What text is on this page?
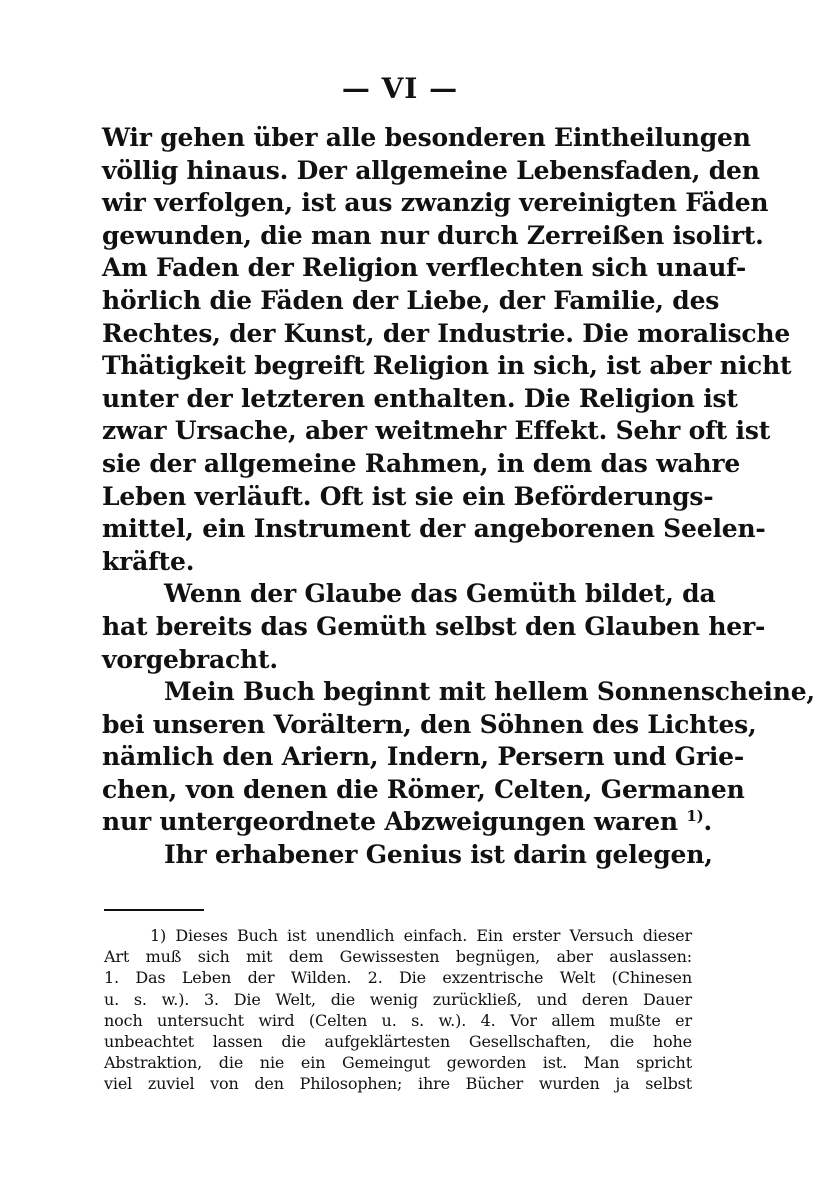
— VI —
Wir gehen über alle besonderen Eintheilungen
völlig hinaus. Der allgemeine Lebensfaden, den
wir verfolgen, ist aus zwanzig vereinigten Fäden
gewunden, die man nur durch Zerreißen isolirt.
Am Faden der Religion verflechten sich unauf-
hörlich die Fäden der Liebe, der Familie, des
Rechtes, der Kunst, der Industrie. Die moralische
Thätigkeit begreift Religion in sich, ist aber nicht
unter der letzteren enthalten. Die Religion ist
zwar Ursache, aber weitmehr Effekt. Sehr oft ist
sie der allgemeine Rahmen, in dem das wahre
Leben verläuft. Oft ist sie ein Beförderungs-
mittel, ein Instrument der angeborenen Seelen-
kräfte.
Wenn der Glaube das Gemüth bildet, da
hat bereits das Gemüth selbst den Glauben her-
vorgebracht.
Mein Buch beginnt mit hellem Sonnenscheine,
bei unseren Vorältern, den Söhnen des Lichtes,
nämlich den Ariern, Indern, Persern und Grie-
chen, von denen die Römer, Celten, Germanen
nur untergeordnete Abzweigungen waren $^{1)}$.
Ihr erhabener Genius ist darin gelegen,
1) Dieses Buch ist unendlich einfach. Ein erster Versuch dieser
Art muß sich mit dem Gewissesten begnügen, aber auslassen:
1. Das Leben der Wilden. 2. Die exzentrische Welt (Chinesen
u. s. w.). 3. Die Welt, die wenig zurückließ, und deren Dauer
noch untersucht wird (Celten u. s. w.). 4. Vor allem mußte er
unbeachtet lassen die aufgeklärtesten Gesellschaften, die hohe
Abstraktion, die nie ein Gemeingut geworden ist. Man spricht
viel zuviel von den Philosophen; ihre Bücher wurden ja selbst
